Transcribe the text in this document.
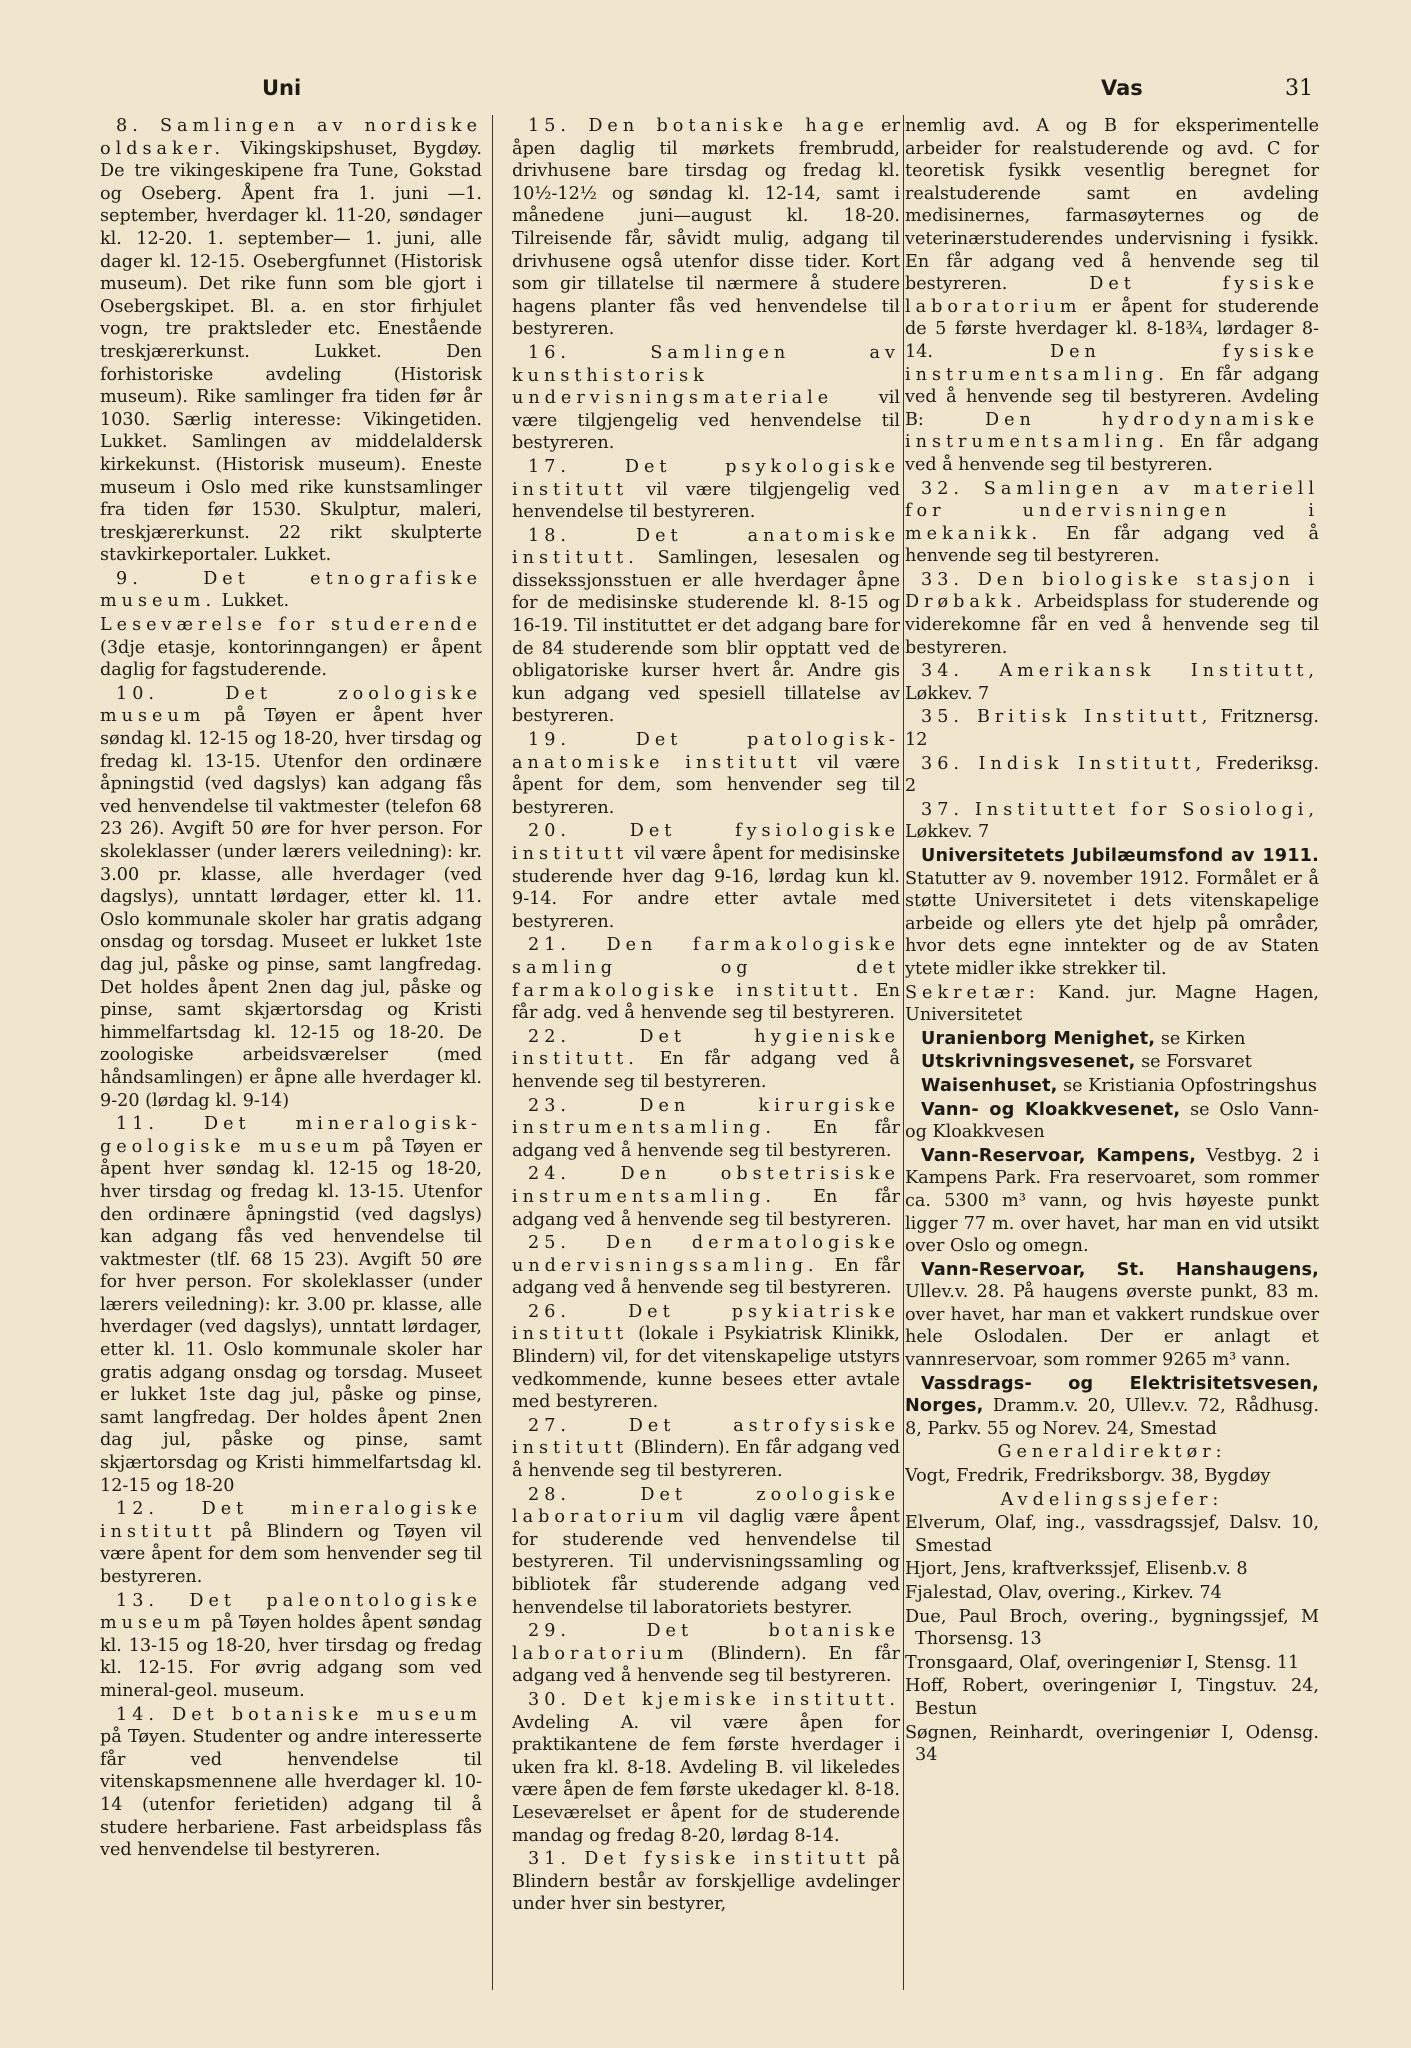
Uni	Vas	31

8. Samlingen av nordiske oldsaker. Vikingskipshuset, Bygdøy. De tre vikingeskipene fra Tune, Gokstad og Oseberg. Åpent fra 1. juni —1. september, hverdager kl. 11-20, søndager kl. 12-20. 1. september— 1. juni, alle dager kl. 12-15. Osebergfunnet (Historisk museum). Det rike funn som ble gjort i Osebergskipet. Bl. a. en stor firhjulet vogn, tre praktsleder etc. Enestående treskjærerkunst. Lukket. Den forhistoriske avdeling (Historisk museum). Rike samlinger fra tiden før år 1030. Særlig interesse: Vikingetiden. Lukket. Samlingen av middelaldersk kirkekunst. (Historisk museum). Eneste museum i Oslo med rike kunstsamlinger fra tiden før 1530. Skulptur, maleri, treskjærerkunst. 22 rikt skulpterte stavkirkeportaler. Lukket.

9. Det etnografiske museum. Lukket.

Leseværelse for studerende (3dje etasje, kontorinngangen) er åpent daglig for fagstuderende.

10. Det zoologiske museum på Tøyen er åpent hver søndag kl. 12-15 og 18-20, hver tirsdag og fredag kl. 13-15. Utenfor den ordinære åpningstid (ved dagslys) kan adgang fås ved henvendelse til vaktmester (telefon 68 23 26). Avgift 50 øre for hver person. For skoleklasser (under lærers veiledning): kr. 3.00 pr. klasse, alle hverdager (ved dagslys), unntatt lørdager, etter kl. 11. Oslo kommunale skoler har gratis adgang onsdag og torsdag. Museet er lukket 1ste dag jul, påske og pinse, samt langfredag. Det holdes åpent 2nen dag jul, påske og pinse, samt skjærtorsdag og Kristi himmelfartsdag kl. 12-15 og 18-20. De zoologiske arbeidsværelser (med håndsamlingen) er åpne alle hverdager kl. 9-20 (lørdag kl. 9-14)

11. Det mineralogisk-geologiske museum på Tøyen er åpent hver søndag kl. 12-15 og 18-20, hver tirsdag og fredag kl. 13-15. Utenfor den ordinære åpningstid (ved dagslys) kan adgang fås ved henvendelse til vaktmester (tlf. 68 15 23). Avgift 50 øre for hver person. For skoleklasser (under lærers veiledning): kr. 3.00 pr. klasse, alle hverdager (ved dagslys), unntatt lørdager, etter kl. 11. Oslo kommunale skoler har gratis adgang onsdag og torsdag. Museet er lukket 1ste dag jul, påske og pinse, samt langfredag. Der holdes åpent 2nen dag jul, påske og pinse, samt skjærtorsdag og Kristi himmelfartsdag kl. 12-15 og 18-20

12. Det mineralogiske institutt på Blindern og Tøyen vil være åpent for dem som henvender seg til bestyreren.

13. Det paleontologiske museum på Tøyen holdes åpent søndag kl. 13-15 og 18-20, hver tirsdag og fredag kl. 12-15. For øvrig adgang som ved mineral-geol. museum.

14. Det botaniske museum på Tøyen. Studenter og andre interesserte får ved henvendelse til vitenskapsmennene alle hverdager kl. 10-14 (utenfor ferietiden) adgang til å studere herbariene. Fast arbeidsplass fås ved henvendelse til bestyreren.

15. Den botaniske hage er åpen daglig til mørkets frembrudd, drivhusene bare tirsdag og fredag kl. 10½-12½ og søndag kl. 12-14, samt i månedene juni—august kl. 18-20. Tilreisende får, såvidt mulig, adgang til drivhusene også utenfor disse tider. Kort som gir tillatelse til nærmere å studere hagens planter fås ved henvendelse til bestyreren.

16. Samlingen av kunsthistorisk undervisningsmateriale vil være tilgjengelig ved henvendelse til bestyreren.

17. Det psykologiske institutt vil være tilgjengelig ved henvendelse til bestyreren.

18. Det anatomiske institutt. Samlingen, lesesalen og dissekssjonsstuen er alle hverdager åpne for de medisinske studerende kl. 8-15 og 16-19. Til instituttet er det adgang bare for de 84 studerende som blir opptatt ved de obligatoriske kurser hvert år. Andre gis kun adgang ved spesiell tillatelse av bestyreren.

19. Det patologisk-anatomiske institutt vil være åpent for dem, som henvender seg til bestyreren.

20. Det fysiologiske institutt vil være åpent for medisinske studerende hver dag 9-16, lørdag kun kl. 9-14. For andre etter avtale med bestyreren.

21. Den farmakologiske samling og det farmakologiske institutt. En får adg. ved å henvende seg til bestyreren.

22. Det hygieniske institutt. En får adgang ved å henvende seg til bestyreren.

23. Den kirurgiske instrumentsamling. En får adgang ved å henvende seg til bestyreren.

24. Den obstetrisiske instrumentsamling. En får adgang ved å henvende seg til bestyreren.

25. Den dermatologiske undervisningssamling. En får adgang ved å henvende seg til bestyreren.

26. Det psykiatriske institutt (lokale i Psykiatrisk Klinikk, Blindern) vil, for det vitenskapelige utstyrs vedkommende, kunne besees etter avtale med bestyreren.

27. Det astrofysiske institutt (Blindern). En får adgang ved å henvende seg til bestyreren.

28. Det zoologiske laboratorium vil daglig være åpent for studerende ved henvendelse til bestyreren. Til undervisningssamling og bibliotek får studerende adgang ved henvendelse til laboratoriets bestyrer.

29. Det botaniske laboratorium (Blindern). En får adgang ved å henvende seg til bestyreren.

30. Det kjemiske institutt. Avdeling A. vil være åpen for praktikantene de fem første hverdager i uken fra kl. 8-18. Avdeling B. vil likeledes være åpen de fem første ukedager kl. 8-18. Leseværelset er åpent for de studerende mandag og fredag 8-20, lørdag 8-14.

31. Det fysiske institutt på Blindern består av forskjellige avdelinger under hver sin bestyrer,

nemlig avd. A og B for eksperimentelle arbeider for realstuderende og avd. C for teoretisk fysikk vesentlig beregnet for realstuderende samt en avdeling medisinernes, farmasøyternes og de veterinærstuderendes undervisning i fysikk. En får adgang ved å henvende seg til bestyreren. Det fysiske laboratorium er åpent for studerende de 5 første hverdager kl. 8-18¾, lørdager 8-14. Den fysiske instrumentsamling. En får adgang ved å henvende seg til bestyreren. Avdeling B: Den hydrodynamiske instrumentsamling. En får adgang ved å henvende seg til bestyreren.

32. Samlingen av materiell for undervisningen i mekanikk. En får adgang ved å henvende seg til bestyreren.

33. Den biologiske stasjon i Drøbakk. Arbeidsplass for studerende og viderekomne får en ved å henvende seg til bestyreren.

34. Amerikansk Institutt, Løkkev. 7

35. Britisk Institutt, Fritznersg. 12

36. Indisk Institutt, Frederiksg. 2

37. Instituttet for Sosiologi, Løkkev. 7

Universitetets Jubilæumsfond av 1911. Statutter av 9. november 1912. Formålet er å støtte Universitetet i dets vitenskapelige arbeide og ellers yte det hjelp på områder, hvor dets egne inntekter og de av Staten ytete midler ikke strekker til.

Sekretær: Kand. jur. Magne Hagen, Universitetet

Uranienborg Menighet, se Kirken

Utskrivningsvesenet, se Forsvaret

Waisenhuset, se Kristiania Opfostringshus

Vann- og Kloakkvesenet, se Oslo Vann- og Kloakkvesen

Vann-Reservoar, Kampens, Vestbyg. 2 i Kampens Park. Fra reservoaret, som rommer ca. 5300 m³ vann, og hvis høyeste punkt ligger 77 m. over havet, har man en vid utsikt over Oslo og omegn.

Vann-Reservoar, St. Hanshaugens, Ullev.v. 28. På haugens øverste punkt, 83 m. over havet, har man et vakkert rundskue over hele Oslodalen. Der er anlagt et vannreservoar, som rommer 9265 m³ vann.

Vassdrags- og Elektrisitetsvesen, Norges, Dramm.v. 20, Ullev.v. 72, Rådhusg. 8, Parkv. 55 og Norev. 24, Smestad

Generaldirektør:

Vogt, Fredrik, Fredriksborgv. 38, Bygdøy

Avdelingssjefer:

Elverum, Olaf, ing., vassdragssjef, Dalsv. 10, Smestad

Hjort, Jens, kraftverkssjef, Elisenb.v. 8

Fjalestad, Olav, overing., Kirkev. 74

Due, Paul Broch, overing., bygningssjef, M Thorsensg. 13

Tronsgaard, Olaf, overingeniør I, Stensg. 11

Hoff, Robert, overingeniør I, Tingstuv. 24, Bestun

Søgnen, Reinhardt, overingeniør I, Odensg. 34
